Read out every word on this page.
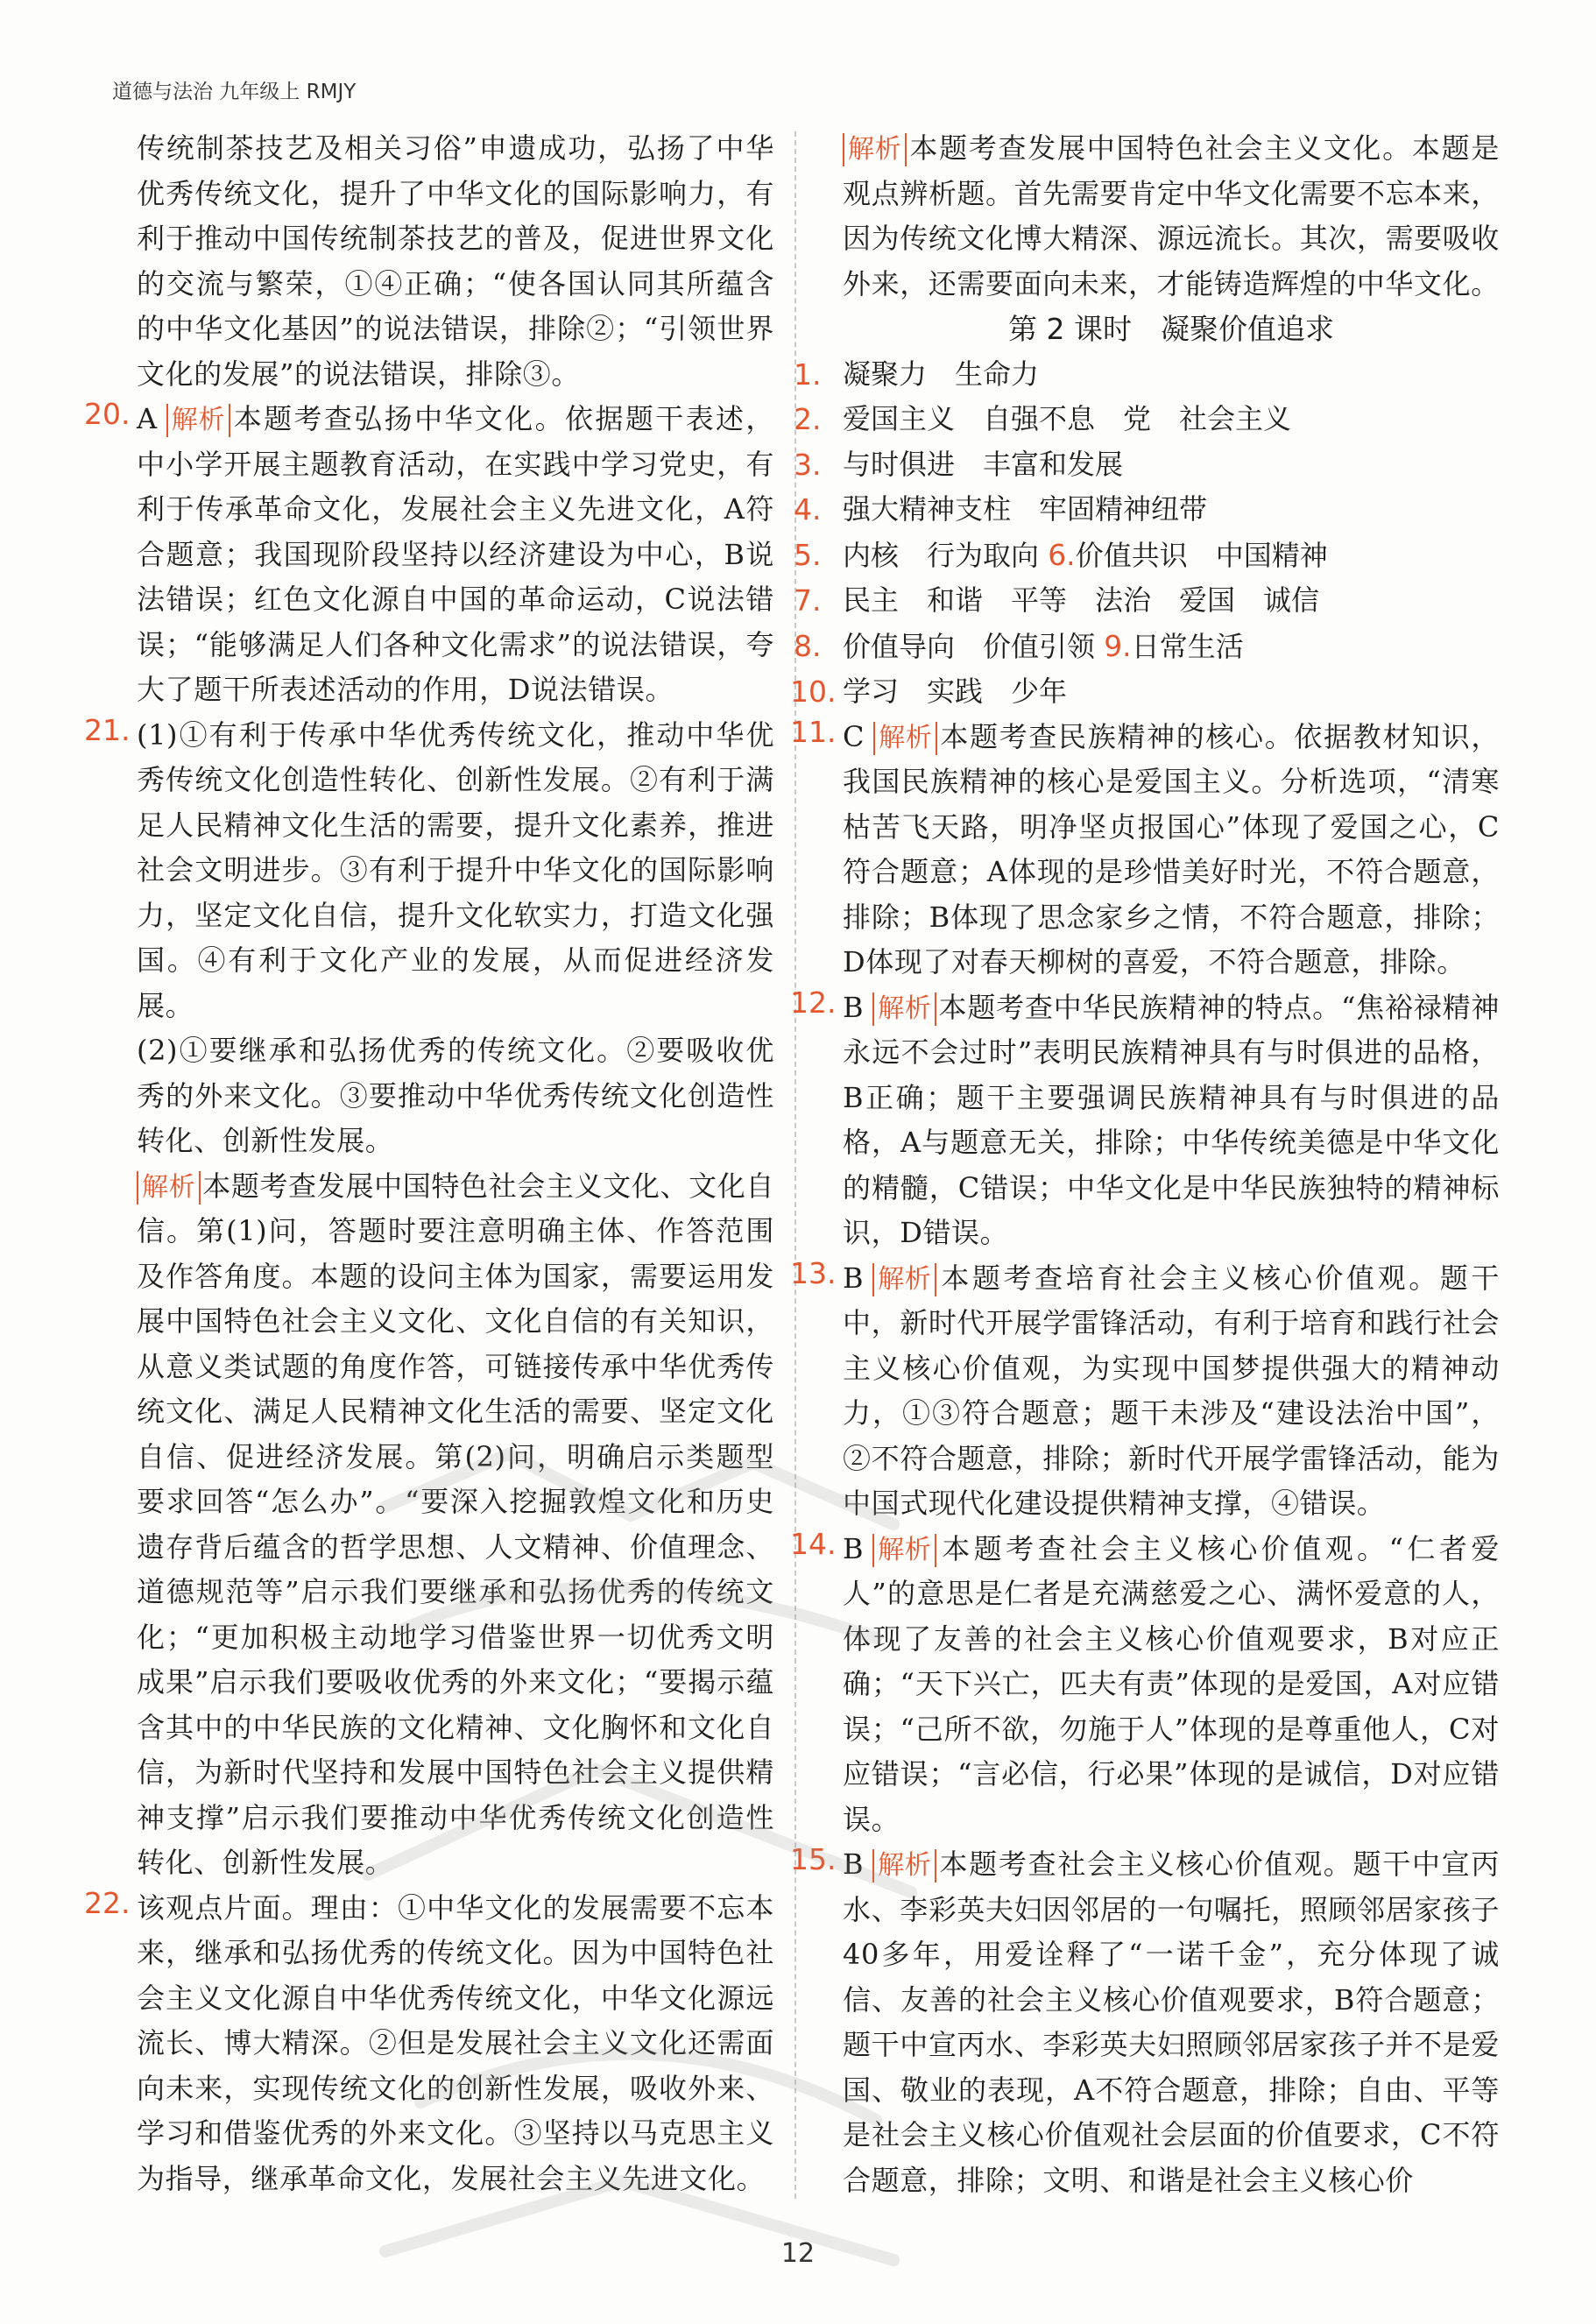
道德与法治 九年级上 RMJY

传统制茶技艺及相关习俗”申遗成功，弘扬了中华优秀传统文化，提升了中华文化的国际影响力，有利于推动中国传统制茶技艺的普及，促进世界文化的交流与繁荣，①④正确；“使各国认同其所蕴含的中华文化基因”的说法错误，排除②；“引领世界文化的发展”的说法错误，排除③。

20. A 解析 本题考查弘扬中华文化。依据题干表述，中小学开展主题教育活动，在实践中学习党史，有利于传承革命文化，发展社会主义先进文化，A符合题意；我国现阶段坚持以经济建设为中心，B说法错误；红色文化源自中国的革命运动，C说法错误；“能够满足人们各种文化需求”的说法错误，夸大了题干所表述活动的作用，D说法错误。

21. (1)①有利于传承中华优秀传统文化，推动中华优秀传统文化创造性转化、创新性发展。②有利于满足人民精神文化生活的需要，提升文化素养，推进社会文明进步。③有利于提升中华文化的国际影响力，坚定文化自信，提升文化软实力，打造文化强国。④有利于文化产业的发展，从而促进经济发展。

(2)①要继承和弘扬优秀的传统文化。②要吸收优秀的外来文化。③要推动中华优秀传统文化创造性转化、创新性发展。

解析 本题考查发展中国特色社会主义文化、文化自信。第(1)问，答题时要注意明确主体、作答范围及作答角度。本题的设问主体为国家，需要运用发展中国特色社会主义文化、文化自信的有关知识，从意义类试题的角度作答，可链接传承中华优秀传统文化、满足人民精神文化生活的需要、坚定文化自信、促进经济发展。第(2)问，明确启示类题型要求回答“怎么办”。“要深入挖掘敦煌文化和历史遗存背后蕴含的哲学思想、人文精神、价值理念、道德规范等”启示我们要继承和弘扬优秀的传统文化；“更加积极主动地学习借鉴世界一切优秀文明成果”启示我们要吸收优秀的外来文化；“要揭示蕴含其中的中华民族的文化精神、文化胸怀和文化自信，为新时代坚持和发展中国特色社会主义提供精神支撑”启示我们要推动中华优秀传统文化创造性转化、创新性发展。

22. 该观点片面。理由：①中华文化的发展需要不忘本来，继承和弘扬优秀的传统文化。因为中国特色社会主义文化源自中华优秀传统文化，中华文化源远流长、博大精深。②但是发展社会主义文化还需面向未来，实现传统文化的创新性发展，吸收外来、学习和借鉴优秀的外来文化。③坚持以马克思主义为指导，继承革命文化，发展社会主义先进文化。

解析 本题考查发展中国特色社会主义文化。本题是观点辨析题。首先需要肯定中华文化需要不忘本来，因为传统文化博大精深、源远流长。其次，需要吸收外来，还需要面向未来，才能铸造辉煌的中华文化。

第 2 课时　凝聚价值追求

1. 凝聚力　生命力
2. 爱国主义　自强不息　党　社会主义
3. 与时俱进　丰富和发展
4. 强大精神支柱　牢固精神纽带
5. 内核　行为取向 6.价值共识　中国精神
7. 民主　和谐　平等　法治　爱国　诚信
8. 价值导向　价值引领 9.日常生活
10. 学习　实践　少年
11. C 解析 本题考查民族精神的核心。依据教材知识，我国民族精神的核心是爱国主义。分析选项，“清寒枯苦飞天路，明净坚贞报国心”体现了爱国之心，C符合题意；A体现的是珍惜美好时光，不符合题意，排除；B体现了思念家乡之情，不符合题意，排除；D体现了对春天柳树的喜爱，不符合题意，排除。

12. B 解析 本题考查中华民族精神的特点。“焦裕禄精神永远不会过时”表明民族精神具有与时俱进的品格，B正确；题干主要强调民族精神具有与时俱进的品格，A与题意无关，排除；中华传统美德是中华文化的精髓，C错误；中华文化是中华民族独特的精神标识，D错误。

13. B 解析 本题考查培育社会主义核心价值观。题干中，新时代开展学雷锋活动，有利于培育和践行社会主义核心价值观，为实现中国梦提供强大的精神动力，①③符合题意；题干未涉及“建设法治中国”，②不符合题意，排除；新时代开展学雷锋活动，能为中国式现代化建设提供精神支撑，④错误。

14. B 解析 本题考查社会主义核心价值观。“仁者爱人”的意思是仁者是充满慈爱之心、满怀爱意的人，体现了友善的社会主义核心价值观要求，B对应正确；“天下兴亡，匹夫有责”体现的是爱国，A对应错误；“己所不欲，勿施于人”体现的是尊重他人，C对应错误；“言必信，行必果”体现的是诚信，D对应错误。

15. B 解析 本题考查社会主义核心价值观。题干中宣丙水、李彩英夫妇因邻居的一句嘱托，照顾邻居家孩子40多年，用爱诠释了“一诺千金”，充分体现了诚信、友善的社会主义核心价值观要求，B符合题意；题干中宣丙水、李彩英夫妇照顾邻居家孩子并不是爱国、敬业的表现，A不符合题意，排除；自由、平等是社会主义核心价值观社会层面的价值要求，C不符合题意，排除；文明、和谐是社会主义核心价

12
